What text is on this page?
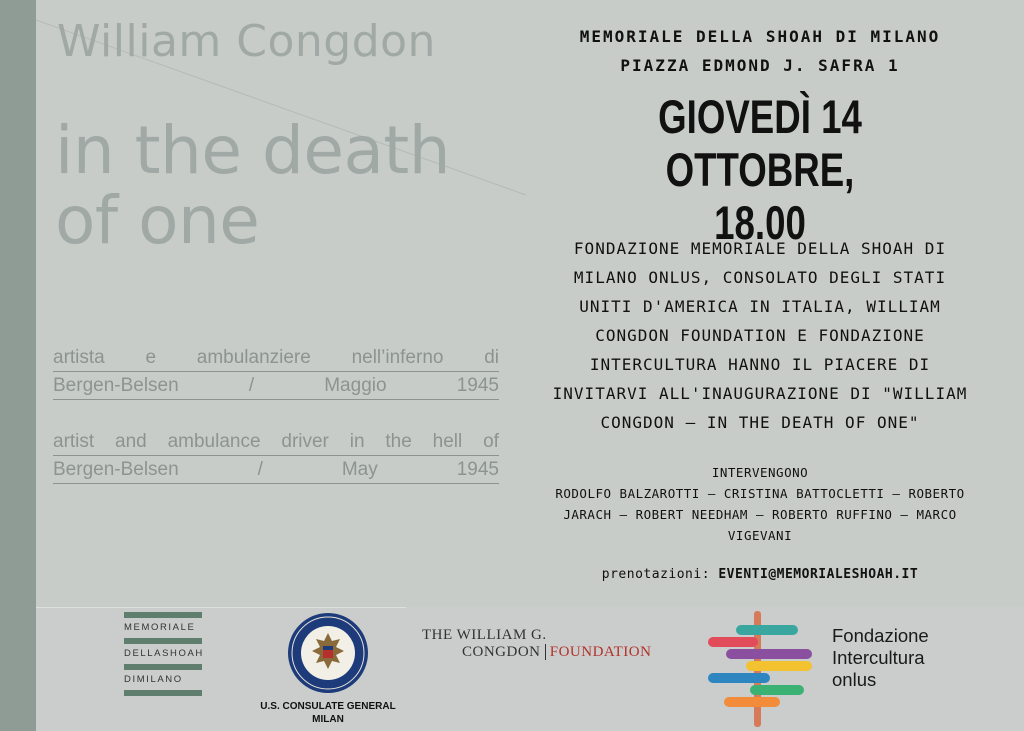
William Congdon
in the death
of one
artista e ambulanziere nell’inferno di
Bergen-Belsen	/	Maggio	1945
artist and ambulance driver in the hell of
Bergen-Belsen	/	May	1945
MEMORIALE DELLA SHOAH DI MILANO
PIAZZA EDMOND J. SAFRA 1
GIOVEDÌ 14 OTTOBRE,
18.00
FONDAZIONE MEMORIALE DELLA SHOAH DI
MILANO ONLUS, CONSOLATO DEGLI STATI
UNITI D'AMERICA IN ITALIA, WILLIAM
CONGDON FOUNDATION E FONDAZIONE
INTERCULTURA HANNO IL PIACERE DI
INVITARVI ALL'INAUGURAZIONE DI "WILLIAM
CONGDON – IN THE DEATH OF ONE"
INTERVENGONO
RODOLFO BALZAROTTI – CRISTINA BATTOCLETTI – ROBERTO
JARACH – ROBERT NEEDHAM – ROBERTO RUFFINO – MARCO
VIGEVANI
prenotazioni: EVENTI@MEMORIALESHOAH.IT
MEMORIALE
DELLASHOAH
DIMILANO
U.S. CONSULATE GENERAL
MILAN
THE WILLIAM G.
CONGDON FOUNDATION
Fondazione
Intercultura
onlus
